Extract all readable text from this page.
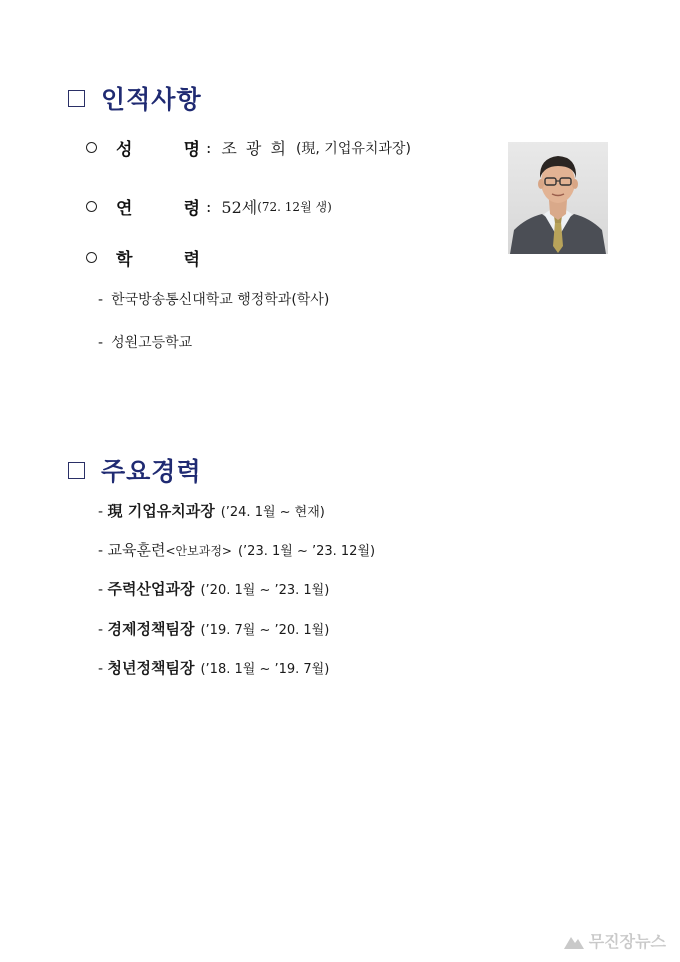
인적사항
성	명 : 조 광 희 (現, 기업유치과장)
연	령 : 52세 (72. 12월 생)
학	력
- 한국방송통신대학교 행정학과(학사)
- 성원고등학교
주요경력
- 現 기업유치과장 (’24. 1월 ~ 현재)
- 교육훈련<안보과정> (’23. 1월 ~ ’23. 12월)
- 주력산업과장 (’20. 1월 ~ ’23. 1월)
- 경제정책팀장 (’19. 7월 ~ ’20. 1월)
- 청년정책팀장 (’18. 1월 ~ ’19. 7월)
무진장뉴스
